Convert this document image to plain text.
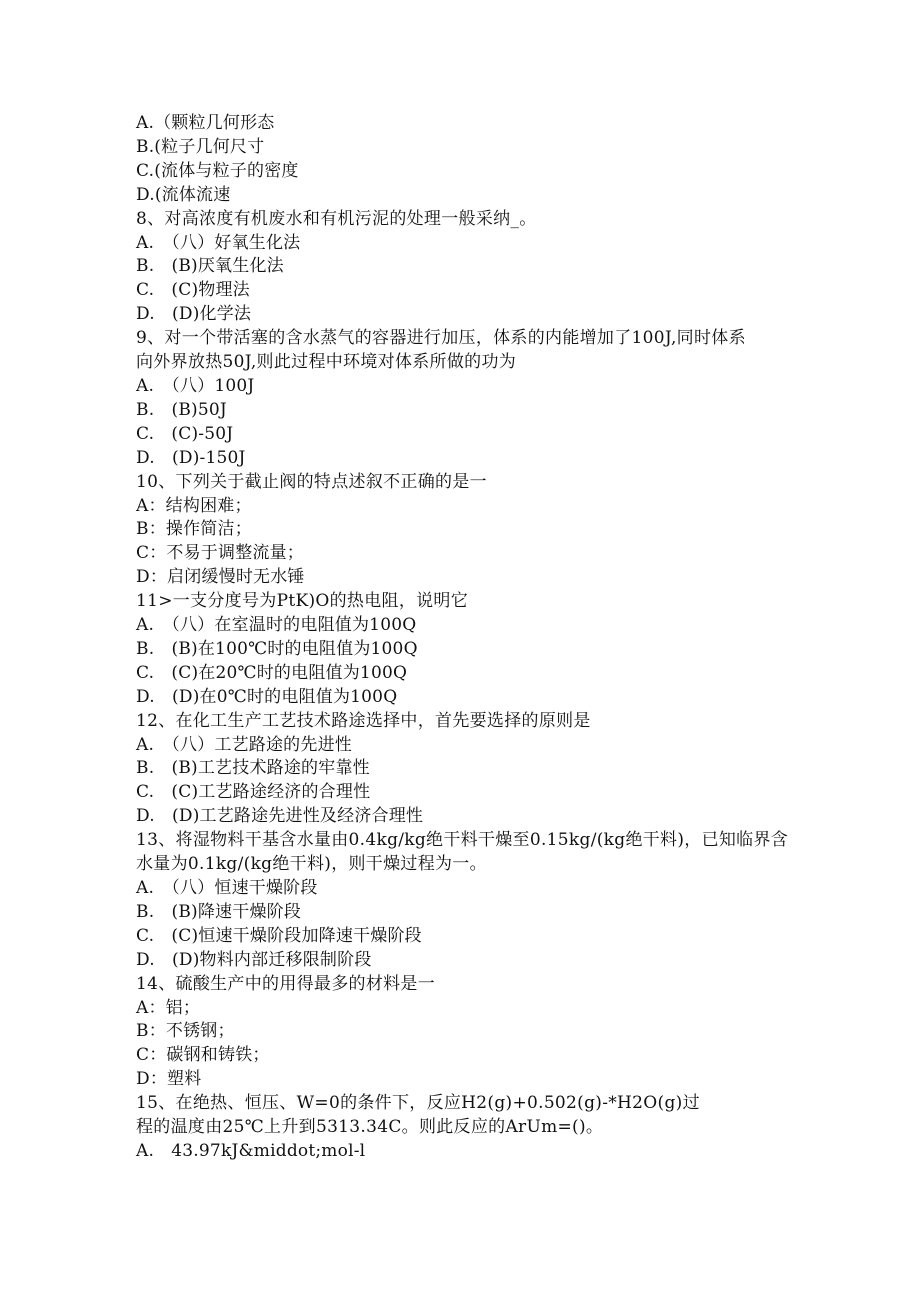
A.（颗粒几何形态
B.(粒子几何尺寸
C.(流体与粒子的密度
D.(流体流速
8、对高浓度有机废水和有机污泥的处理一般采纳_。
A.　（八）好氧生化法
B.　(B)厌氧生化法
C.　(C)物理法
D.　(D)化学法
9、对一个带活塞的含水蒸气的容器进行加压，体系的内能增加了100J,同时体系
向外界放热50J,则此过程中环境对体系所做的功为
A.　（八）100J
B.　(B)50J
C.　(C)-50J
D.　(D)-150J
10、下列关于截止阀的特点述叙不正确的是一
A：结构困难；
B：操作简洁；
C：不易于调整流量；
D：启闭缓慢时无水锤
11>一支分度号为PtK)O的热电阻，说明它
A.　（八）在室温时的电阻值为100Q
B.　(B)在100℃时的电阻值为100Q
C.　(C)在20℃时的电阻值为100Q
D.　(D)在0℃时的电阻值为100Q
12、在化工生产工艺技术路途选择中，首先要选择的原则是
A.　（八）工艺路途的先进性
B.　(B)工艺技术路途的牢靠性
C.　(C)工艺路途经济的合理性
D.　(D)工艺路途先进性及经济合理性
13、将湿物料干基含水量由0.4kg∕kg绝干料干燥至0.15kg∕(kg绝干料)，已知临界含
水量为0.1kg∕(kg绝干料)，则干燥过程为一。
A.　（八）恒速干燥阶段
B.　(B)降速干燥阶段
C.　(C)恒速干燥阶段加降速干燥阶段
D.　(D)物料内部迁移限制阶段
14、硫酸生产中的用得最多的材料是一
A：铝；
B：不锈钢；
C：碳钢和铸铁；
D：塑料
15、在绝热、恒压、W=0的条件下，反应H2(g)+0.502(g)-*H2O(g)过
程的温度由25℃上升到5313.34C。则此反应的ArUm=()。
A.　43.97kJ&middot;mol-l
